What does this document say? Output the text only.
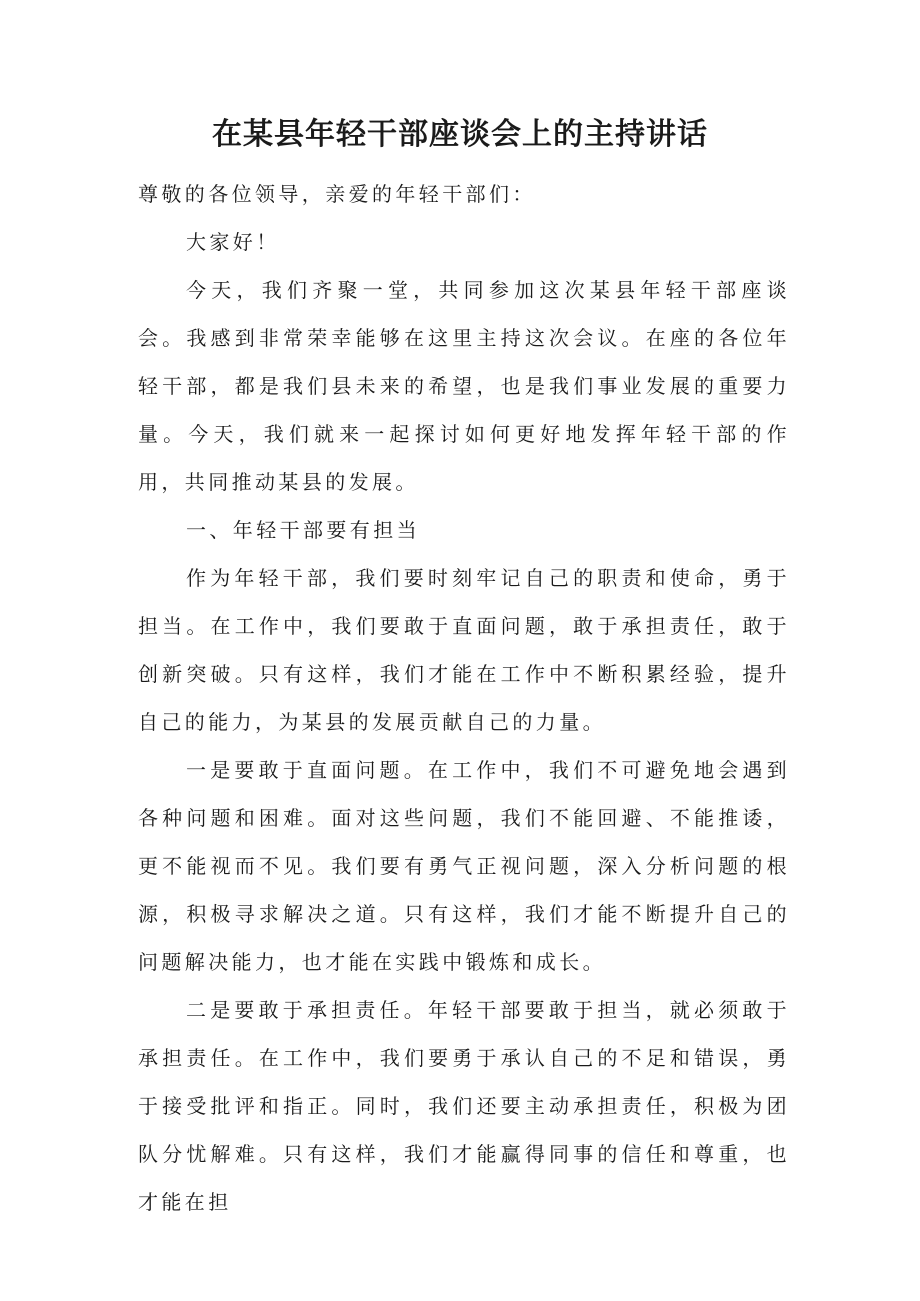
在某县年轻干部座谈会上的主持讲话

尊敬的各位领导，亲爱的年轻干部们：

大家好！

今天，我们齐聚一堂，共同参加这次某县年轻干部座谈会。我感到非常荣幸能够在这里主持这次会议。在座的各位年轻干部，都是我们县未来的希望，也是我们事业发展的重要力量。今天，我们就来一起探讨如何更好地发挥年轻干部的作用，共同推动某县的发展。

一、年轻干部要有担当

作为年轻干部，我们要时刻牢记自己的职责和使命，勇于担当。在工作中，我们要敢于直面问题，敢于承担责任，敢于创新突破。只有这样，我们才能在工作中不断积累经验，提升自己的能力，为某县的发展贡献自己的力量。

一是要敢于直面问题。在工作中，我们不可避免地会遇到各种问题和困难。面对这些问题，我们不能回避、不能推诿，更不能视而不见。我们要有勇气正视问题，深入分析问题的根源，积极寻求解决之道。只有这样，我们才能不断提升自己的问题解决能力，也才能在实践中锻炼和成长。

二是要敢于承担责任。年轻干部要敢于担当，就必须敢于承担责任。在工作中，我们要勇于承认自己的不足和错误，勇于接受批评和指正。同时，我们还要主动承担责任，积极为团队分忧解难。只有这样，我们才能赢得同事的信任和尊重，也才能在担
